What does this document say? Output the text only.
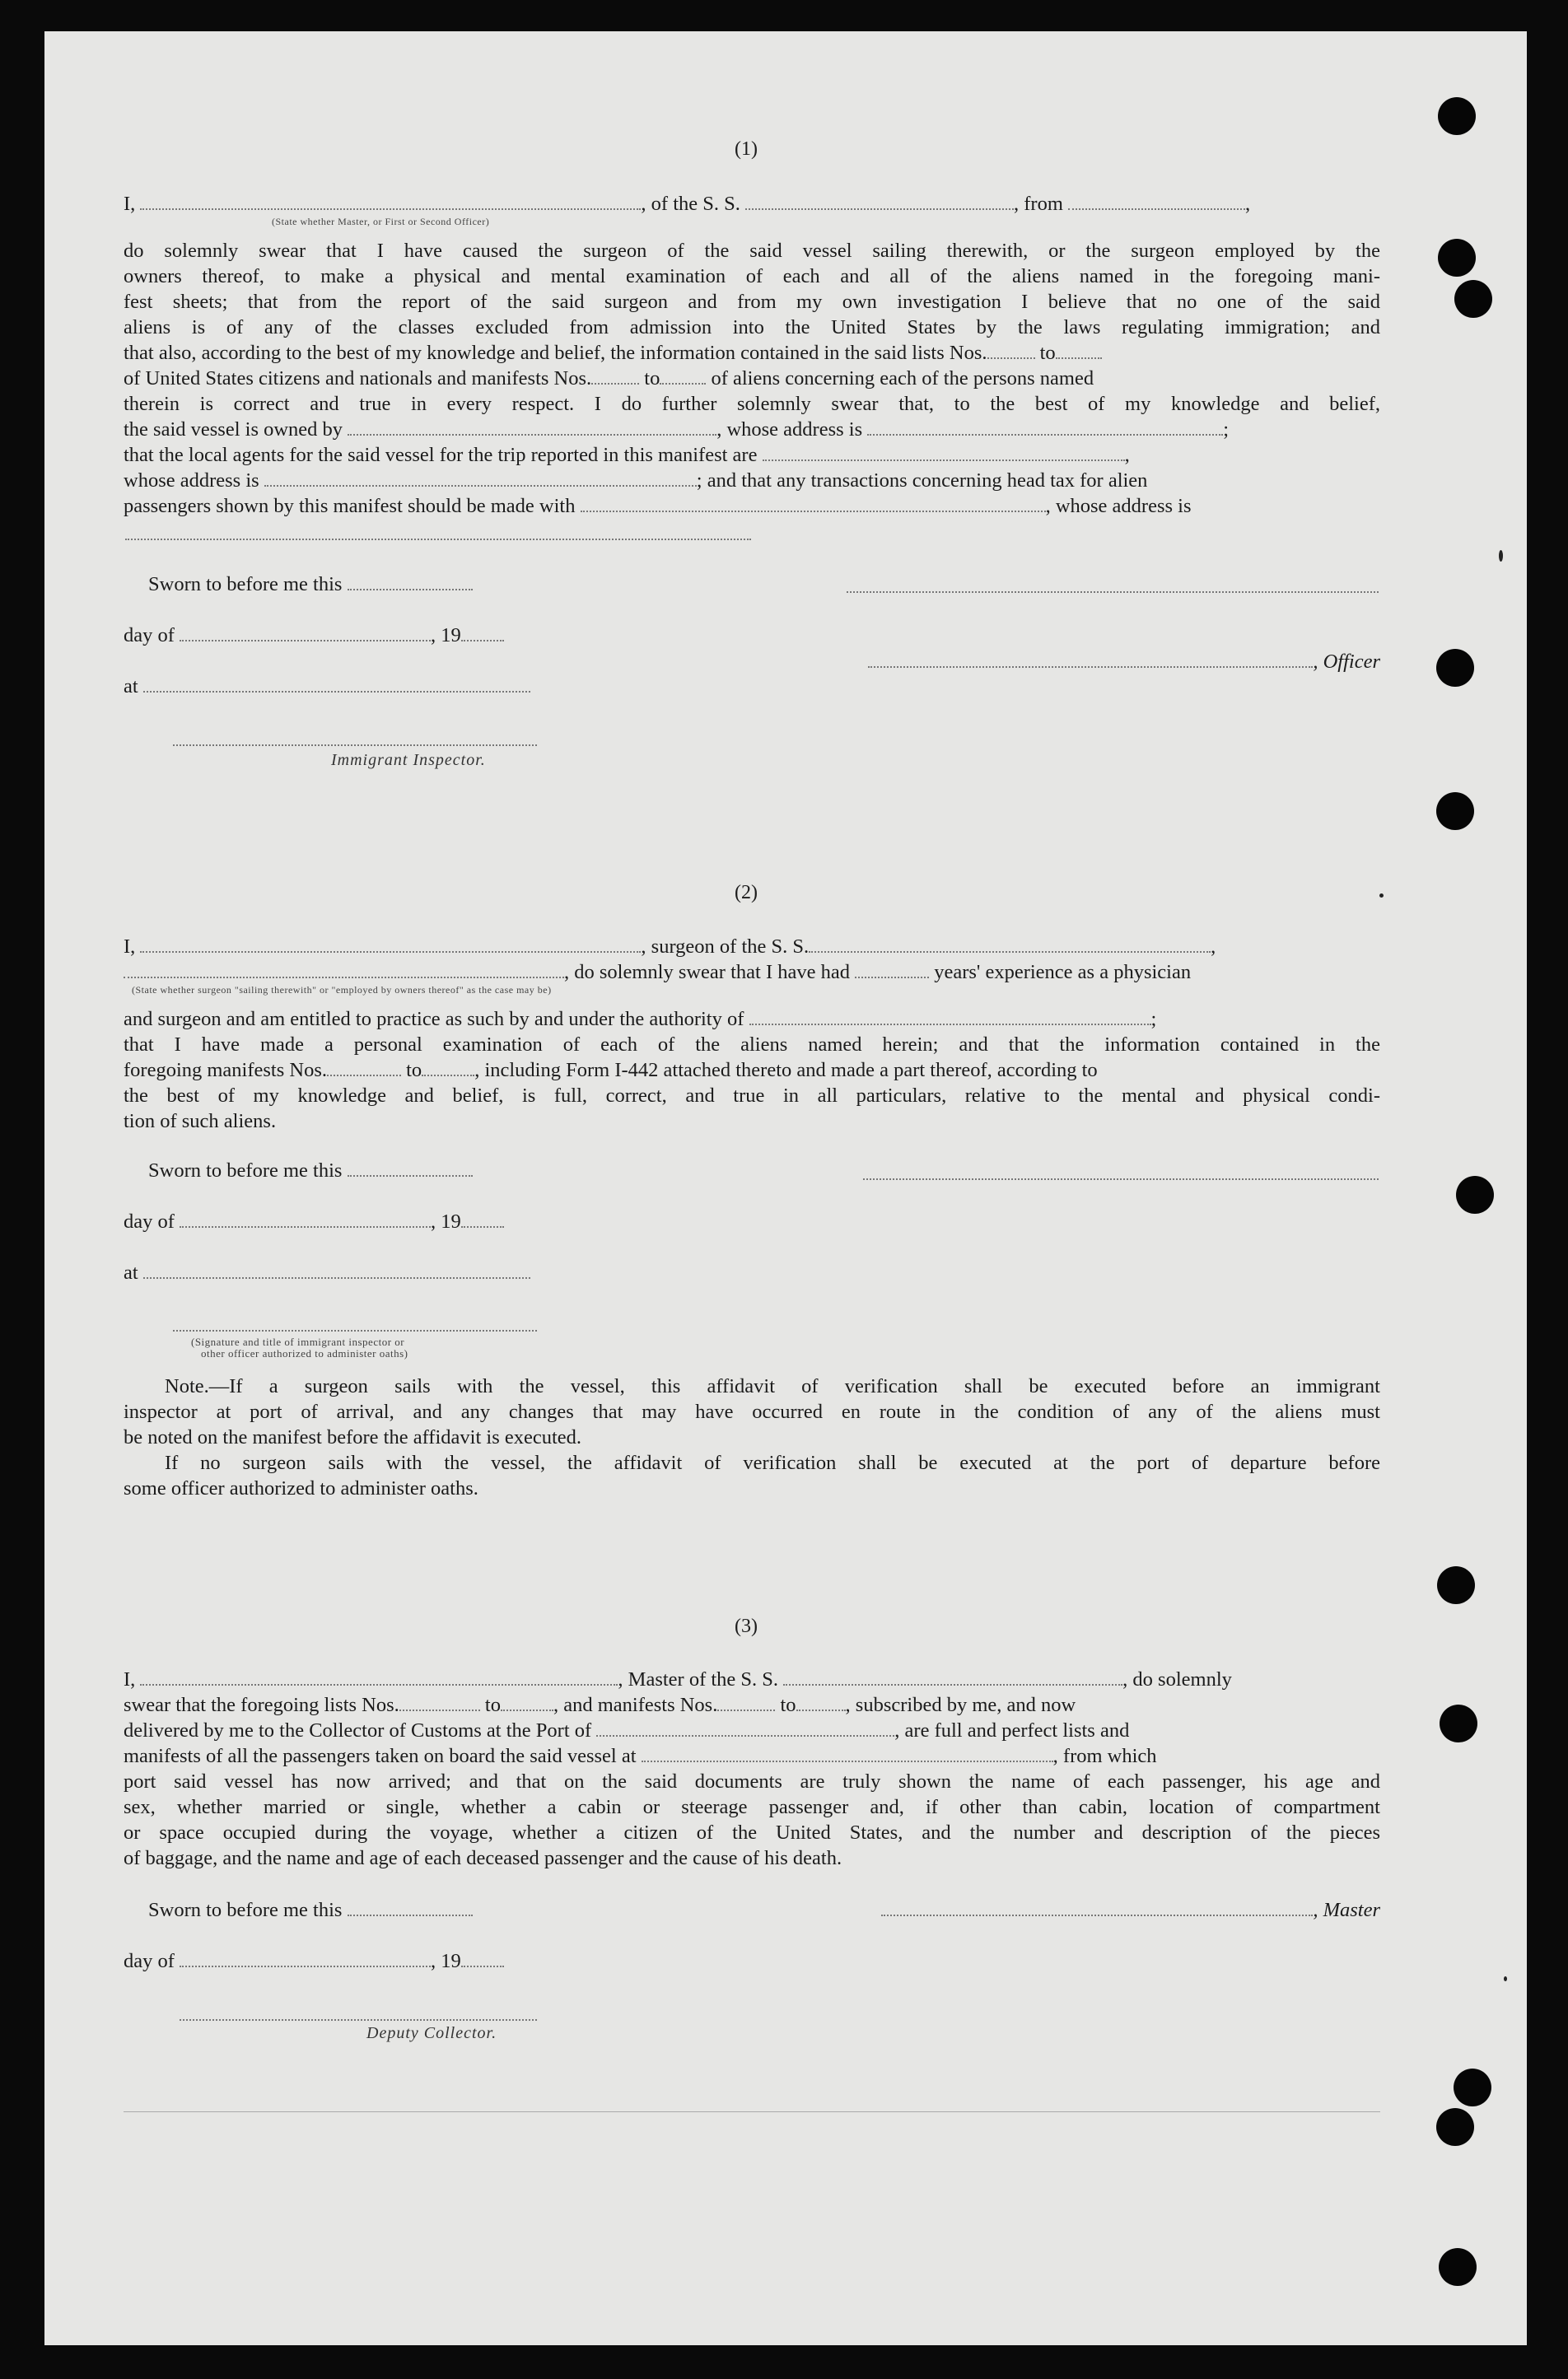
(1)
I,	, of the S. S.	, from	,
(State whether Master, or First or Second Officer)
do solemnly swear that I have caused the surgeon of the said vessel sailing therewith, or the surgeon employed by the
owners thereof, to make a physical and mental examination of each and all of the aliens named in the foregoing mani-
fest sheets; that from the report of the said surgeon and from my own investigation I believe that no one of the said
aliens is of any of the classes excluded from admission into the United States by the laws regulating immigration; and
that also, according to the best of my knowledge and belief, the information contained in the said lists Nos.	to
of United States citizens and nationals and manifests Nos.	to	of aliens concerning each of the persons named
therein is correct and true in every respect. I do further solemnly swear that, to the best of my knowledge and belief,
the said vessel is owned by	, whose address is	;
that the local agents for the said vessel for the trip reported in this manifest are	,
whose address is	; and that any transactions concerning head tax for alien
passengers shown by this manifest should be made with	, whose address is
Sworn to before me this
day of	, 19
, Officer
at
Immigrant Inspector.
(2)
I,	, surgeon of the S. S.	,
, do solemnly swear that I have had	years' experience as a physician
(State whether surgeon "sailing therewith" or "employed by owners thereof" as the case may be)
and surgeon and am entitled to practice as such by and under the authority of	;
that I have made a personal examination of each of the aliens named herein; and that the information contained in the
foregoing manifests Nos.	to	, including Form I-442 attached thereto and made a part thereof, according to
the best of my knowledge and belief, is full, correct, and true in all particulars, relative to the mental and physical condi-
tion of such aliens.
Sworn to before me this
day of	, 19
at
(Signature and title of immigrant inspector or
other officer authorized to administer oaths)
Note.—If a surgeon sails with the vessel, this affidavit of verification shall be executed before an immigrant
inspector at port of arrival, and any changes that may have occurred en route in the condition of any of the aliens must
be noted on the manifest before the affidavit is executed.
If no surgeon sails with the vessel, the affidavit of verification shall be executed at the port of departure before
some officer authorized to administer oaths.
(3)
I,	, Master of the S. S.	, do solemnly
swear that the foregoing lists Nos.	to	, and manifests Nos.	to , subscribed by me, and now
delivered by me to the Collector of Customs at the Port of	, are full and perfect lists and
manifests of all the passengers taken on board the said vessel at	, from which
port said vessel has now arrived; and that on the said documents are truly shown the name of each passenger, his age and
sex, whether married or single, whether a cabin or steerage passenger and, if other than cabin, location of compartment
or space occupied during the voyage, whether a citizen of the United States, and the number and description of the pieces
of baggage, and the name and age of each deceased passenger and the cause of his death.
Sworn to before me this	, Master
day of	, 19
Deputy Collector.
